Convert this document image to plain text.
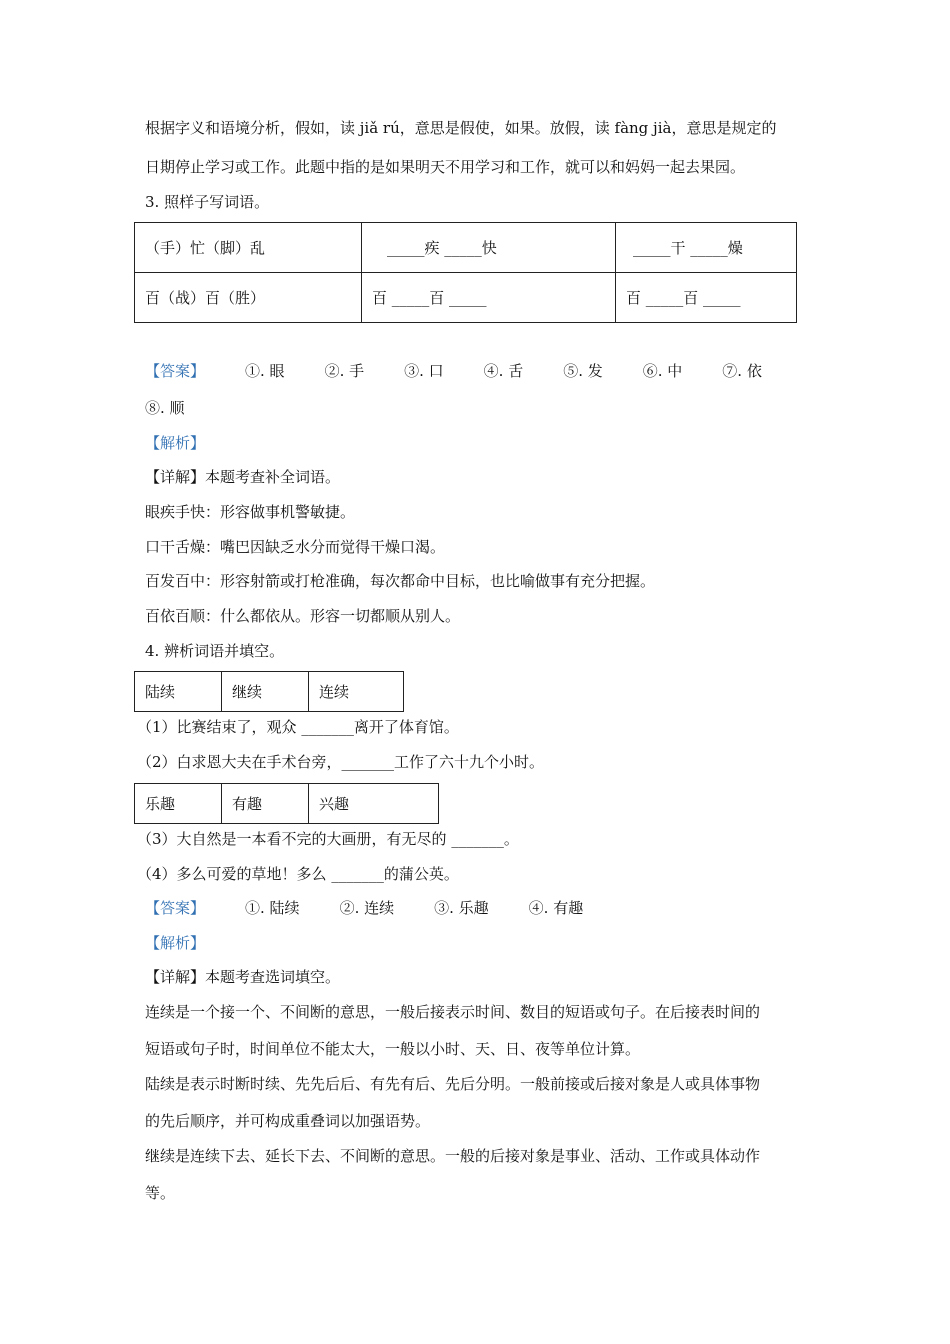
根据字义和语境分析，假如，读 jiǎ rú，意思是假使，如果。放假，读 fàng jià，意思是规定的
日期停止学习或工作。此题中指的是如果明天不用学习和工作，就可以和妈妈一起去果园。
3. 照样子写词语。
（手）忙（脚）乱	_____疾 _____快	_____干 _____燥

百（战）百（胜）	百 _____百 _____	百 _____百 _____
【答案】	①. 眼	②. 手	③. 口	④. 舌	⑤. 发	⑥. 中	⑦. 依
⑧. 顺
【解析】
【详解】本题考查补全词语。
眼疾手快：形容做事机警敏捷。
口干舌燥：嘴巴因缺乏水分而觉得干燥口渴。
百发百中：形容射箭或打枪准确，每次都命中目标，也比喻做事有充分把握。
百依百顺：什么都依从。形容一切都顺从别人。
4. 辨析词语并填空。
陆续	继续	连续
（1）比赛结束了，观众 _______离开了体育馆。
（2）白求恩大夫在手术台旁，_______工作了六十九个小时。
乐趣	有趣	兴趣
（3）大自然是一本看不完的大画册，有无尽的 _______。
（4）多么可爱的草地！多么 _______的蒲公英。
【答案】	①. 陆续	②. 连续	③. 乐趣	④. 有趣
【解析】
【详解】本题考查选词填空。
连续是一个接一个、不间断的意思，一般后接表示时间、数目的短语或句子。在后接表时间的
短语或句子时，时间单位不能太大，一般以小时、天、日、夜等单位计算。
陆续是表示时断时续、先先后后、有先有后、先后分明。一般前接或后接对象是人或具体事物
的先后顺序，并可构成重叠词以加强语势。
继续是连续下去、延长下去、不间断的意思。一般的后接对象是事业、活动、工作或具体动作
等。
